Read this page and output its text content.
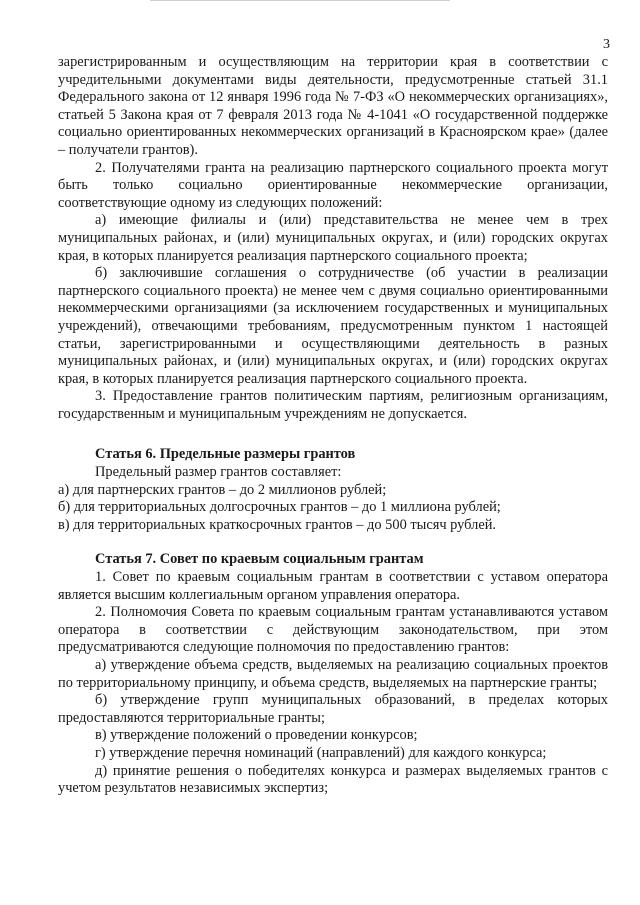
3

зарегистрированным и осуществляющим на территории края в соответствии с учредительными документами виды деятельности, предусмотренные статьей 31.1 Федерального закона от 12 января 1996 года № 7-ФЗ «О некоммерческих организациях», статьей 5 Закона края от 7 февраля 2013 года № 4-1041 «О государственной поддержке социально ориентированных некоммерческих организаций в Красноярском крае» (далее – получатели грантов).

2. Получателями гранта на реализацию партнерского социального проекта могут быть только социально ориентированные некоммерческие организации, соответствующие одному из следующих положений:

а) имеющие филиалы и (или) представительства не менее чем в трех муниципальных районах, и (или) муниципальных округах, и (или) городских округах края, в которых планируется реализация партнерского социального проекта;

б) заключившие соглашения о сотрудничестве (об участии в реализации партнерского социального проекта) не менее чем с двумя социально ориентированными некоммерческими организациями (за исключением государственных и муниципальных учреждений), отвечающими требованиям, предусмотренным пунктом 1 настоящей статьи, зарегистрированными и осуществляющими деятельность в разных муниципальных районах, и (или) муниципальных округах, и (или) городских округах края, в которых планируется реализация партнерского социального проекта.

3. Предоставление грантов политическим партиям, религиозным организациям, государственным и муниципальным учреждениям не допускается.

Статья 6. Предельные размеры грантов

Предельный размер грантов составляет:

а) для партнерских грантов – до 2 миллионов рублей;

б) для территориальных долгосрочных грантов – до 1 миллиона рублей;

в) для территориальных краткосрочных грантов – до 500 тысяч рублей.

Статья 7. Совет по краевым социальным грантам

1. Совет по краевым социальным грантам в соответствии с уставом оператора является высшим коллегиальным органом управления оператора.

2. Полномочия Совета по краевым социальным грантам устанавливаются уставом оператора в соответствии с действующим законодательством, при этом предусматриваются следующие полномочия по предоставлению грантов:

а) утверждение объема средств, выделяемых на реализацию социальных проектов по территориальному принципу, и объема средств, выделяемых на партнерские гранты;

б) утверждение групп муниципальных образований, в пределах которых предоставляются территориальные гранты;

в) утверждение положений о проведении конкурсов;

г) утверждение перечня номинаций (направлений) для каждого конкурса;

д) принятие решения о победителях конкурса и размерах выделяемых грантов с учетом результатов независимых экспертиз;
